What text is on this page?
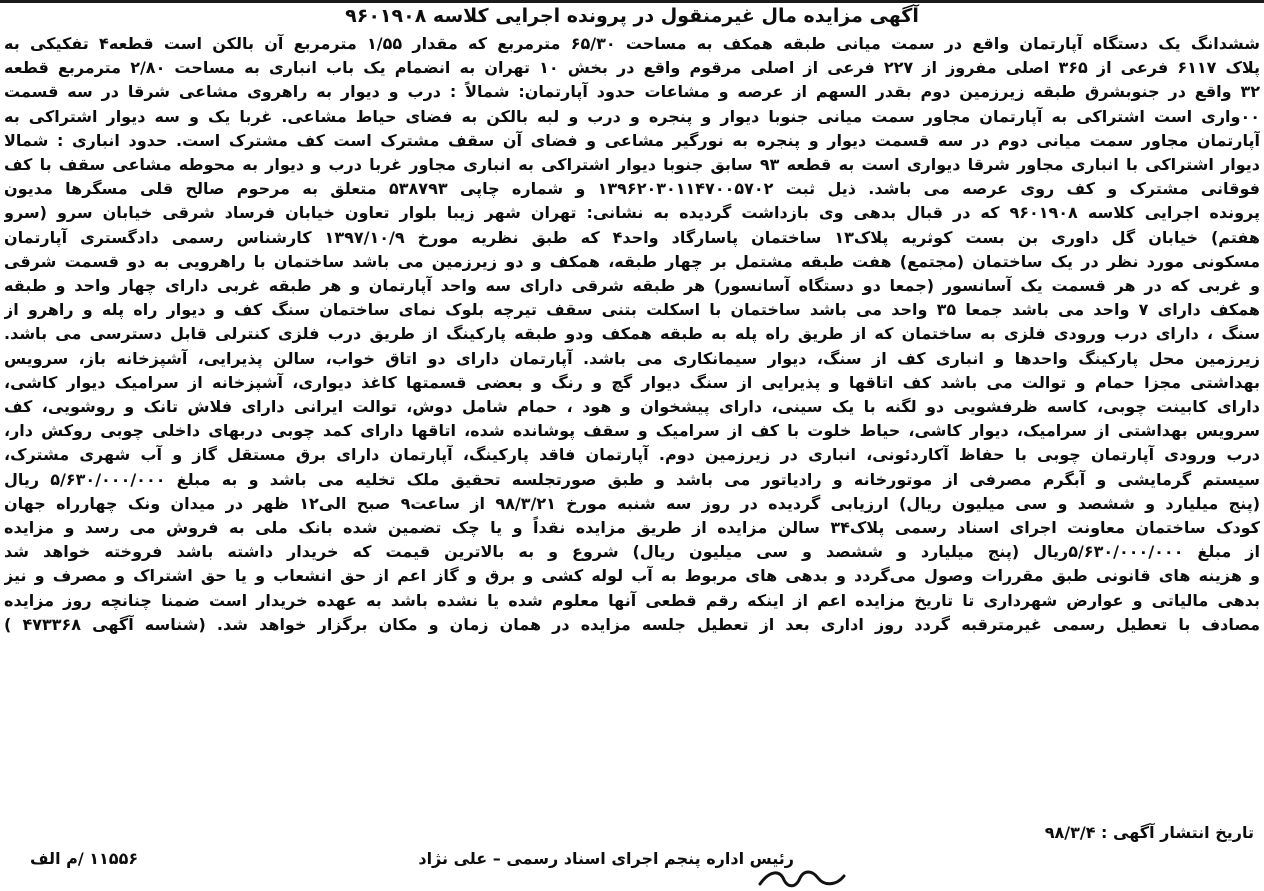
آگهی مزایده مال غیرمنقول در پرونده اجرایی کلاسه ۹۶۰۱۹۰۸
ششدانگ یک دستگاه آپارتمان واقع در سمت میانی طبقه همکف به مساحت ۶۵/۳۰ مترمربع که مقدار ۱/۵۵ مترمربع آن بالکن است قطعه۴ تفکیکی به
پلاک ۶۱۱۷ فرعی از ۳۶۵ اصلی مفروز از ۲۲۷ فرعی از اصلی مرقوم واقع در بخش ۱۰ تهران به انضمام یک باب انباری به مساحت ۲/۸۰ مترمربع قطعه
۳۲ واقع در جنوبشرق طبقه زیرزمین دوم بقدر السهم از عرصه و مشاعات حدود آپارتمان: شمالاً : درب و دیوار به راهروی مشاعی شرقا در سه قسمت
۰۰واری است اشتراکی به آپارتمان مجاور سمت میانی جنوبا دیوار و پنجره و درب و لبه بالکن به فضای حیاط مشاعی. غربا یک و سه دیوار اشتراکی به
آپارتمان مجاور سمت میانی دوم در سه قسمت دیوار و پنجره به نورگیر مشاعی و فضای آن سقف مشترک است کف مشترک است. حدود انباری : شمالا
دیوار اشتراکی با انباری مجاور شرقا دیواری است به قطعه ۹۳ سابق جنوبا دیوار اشتراکی به انباری مجاور غربا درب و دیوار به محوطه مشاعی سقف با کف
فوقانی مشترک و کف روی عرصه می باشد. ذیل ثبت ۱۳۹۶۲۰۳۰۱۱۴۷۰۰۵۷۰۲ و شماره چاپی ۵۳۸۷۹۳ متعلق به مرحوم صالح قلی مسگرها مدیون
پرونده اجرایی کلاسه ۹۶۰۱۹۰۸ که در قبال بدهی وی بازداشت گردیده به نشانی: تهران شهر زیبا بلوار تعاون خیابان فرساد شرقی خیابان سرو (سرو
هفتم) خیابان گل داوری بن بست کوثریه پلاک۱۳ ساختمان پاسارگاد واحد۴ که طبق نظریه مورخ ۱۳۹۷/۱۰/۹ کارشناس رسمی دادگستری آپارتمان
مسکونی مورد نظر در یک ساختمان (مجتمع) هفت طبقه مشتمل بر چهار طبقه، همکف و دو زیرزمین می باشد ساختمان با راهرویی به دو قسمت شرقی
و غربی که در هر قسمت یک آسانسور (جمعا دو دستگاه آسانسور) هر طبقه شرقی دارای سه واحد آپارتمان و هر طبقه غربی دارای چهار واحد و طبقه
همکف دارای ۷ واحد می باشد جمعا ۳۵ واحد می باشد ساختمان با اسکلت بتنی سقف تیرچه بلوک نمای ساختمان سنگ کف و دیوار راه پله و راهرو از
سنگ ، دارای درب ورودی فلزی به ساختمان که از طریق راه پله به طبقه همکف ودو طبقه پارکینگ از طریق درب فلزی کنترلی قابل دسترسی می باشد.
زیرزمین محل پارکینگ واحدها و انباری کف از سنگ، دیوار سیمانکاری می باشد. آپارتمان دارای دو اتاق خواب، سالن پذیرایی، آشپزخانه باز، سرویس
بهداشتی مجزا حمام و توالت می باشد کف اتاقها و پذیرایی از سنگ دیوار گچ و رنگ و بعضی قسمتها کاغذ دیواری، آشپزخانه از سرامیک دیوار کاشی،
دارای کابینت چوبی، کاسه ظرفشویی دو لگنه با یک سینی، دارای پیشخوان و هود ، حمام شامل دوش، توالت ایرانی دارای فلاش تانک و روشویی، کف
سرویس بهداشتی از سرامیک، دیوار کاشی، حیاط خلوت با کف از سرامیک و سقف پوشانده شده، اتاقها دارای کمد چوبی دربهای داخلی چوبی روکش دار،
درب ورودی آپارتمان چوبی با حفاظ آکاردئونی، انباری در زیرزمین دوم. آپارتمان فاقد پارکینگ، آپارتمان دارای برق مستقل گاز و آب شهری مشترک،
سیستم گرمایشی و آبگرم مصرفی از موتورخانه و رادیاتور می باشد و طبق صورتجلسه تحقیق ملک تخلیه می باشد و به مبلغ ۵/۶۳۰/۰۰۰/۰۰۰ ریال
(پنج میلیارد و ششصد و سی میلیون ریال) ارزیابی گردیده در روز سه شنبه مورخ ۹۸/۳/۲۱ از ساعت۹ صبح الی۱۲ ظهر در میدان ونک چهارراه جهان
کودک ساختمان معاونت اجرای اسناد رسمی پلاک۳۴ سالن مزایده از طریق مزایده نقداً و یا چک تضمین شده بانک ملی به فروش می رسد و مزایده
از مبلغ ۵/۶۳۰/۰۰۰/۰۰۰ریال (پنج میلیارد و ششصد و سی میلیون ریال) شروع و به بالاترین قیمت که خریدار داشته باشد فروخته خواهد شد
و هزینه های قانونی طبق مقررات وصول می‌گردد و بدهی های مربوط به آب لوله کشی و برق و گاز اعم از حق انشعاب و یا حق اشتراک و مصرف و نیز
بدهی مالیاتی و عوارض شهرداری تا تاریخ مزایده اعم از اینکه رقم قطعی آنها معلوم شده یا نشده باشد به عهده خریدار است ضمنا چنانچه روز مزایده
مصادف با تعطیل رسمی غیرمترقبه گردد روز اداری بعد از تعطیل جلسه مزایده در همان زمان و مکان برگزار خواهد شد. (شناسه آگهی ۴۷۳۳۶۸ )
تاریخ انتشار آگهی : ۹۸/۳/۴
رئیس اداره پنجم اجرای اسناد رسمی – علی نژاد
۱۱۵۵۶ /م الف
